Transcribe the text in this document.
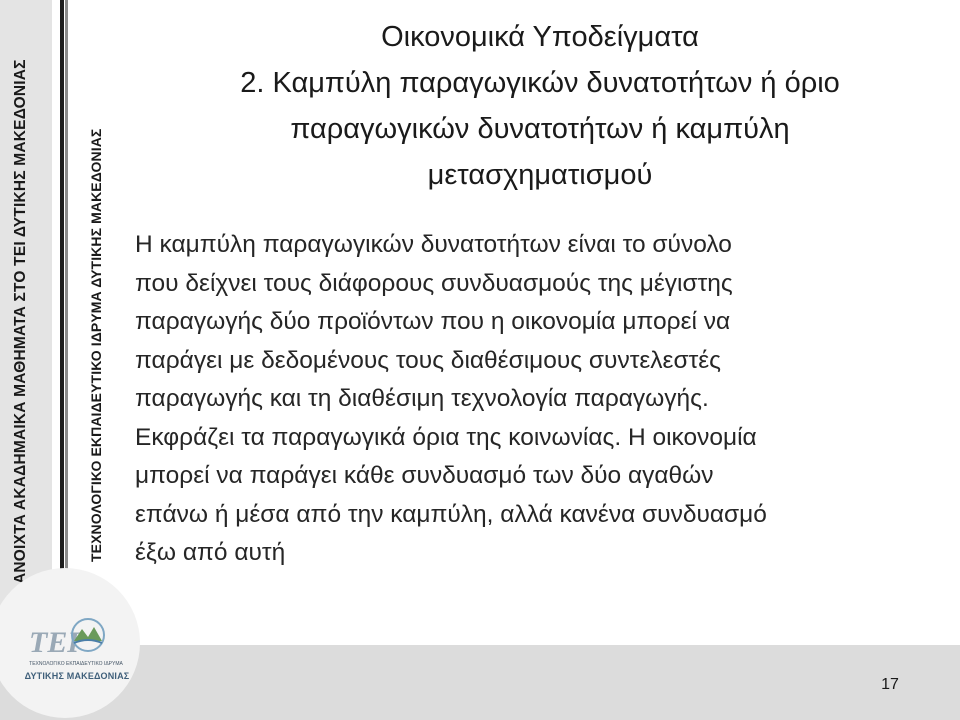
ΑΝΟΙΧΤΑ ΑΚΑΔΗΜΑΙΚΑ ΜΑΘΗΜΑΤΑ ΣΤΟ ΤΕΙ ΔΥΤΙΚΗΣ ΜΑΚΕΔΟΝΙΑΣ	ΤΕΧΝΟΛΟΓΙΚΟ ΕΚΠΑΙΔΕΥΤΙΚΟ ΙΔΡΥΜΑ ΔΥΤΙΚΗΣ ΜΑΚΕΔΟΝΙΑΣ
TEI
ΤΕΧΝΟΛΟΓΙΚΟ ΕΚΠΑΙΔΕΥΤΙΚΟ ΙΔΡΥΜΑ
ΔΥΤΙΚΗΣ ΜΑΚΕΔΟΝΙΑΣ
Οικονομικά Υποδείγματα
2. Καμπύλη παραγωγικών δυνατοτήτων ή όριο
παραγωγικών δυνατοτήτων ή καμπύλη
μετασχηματισμού
Η καμπύλη παραγωγικών δυνατοτήτων είναι το σύνολο
που δείχνει τους διάφορους συνδυασμούς της μέγιστης
παραγωγής δύο προϊόντων που η οικονομία μπορεί να
παράγει με δεδομένους τους διαθέσιμους συντελεστές
παραγωγής και τη διαθέσιμη τεχνολογία παραγωγής.
Εκφράζει τα παραγωγικά όρια της κοινωνίας. Η οικονομία
μπορεί να παράγει κάθε συνδυασμό των δύο αγαθών
επάνω ή μέσα από την καμπύλη, αλλά κανένα συνδυασμό
έξω από αυτή
17
